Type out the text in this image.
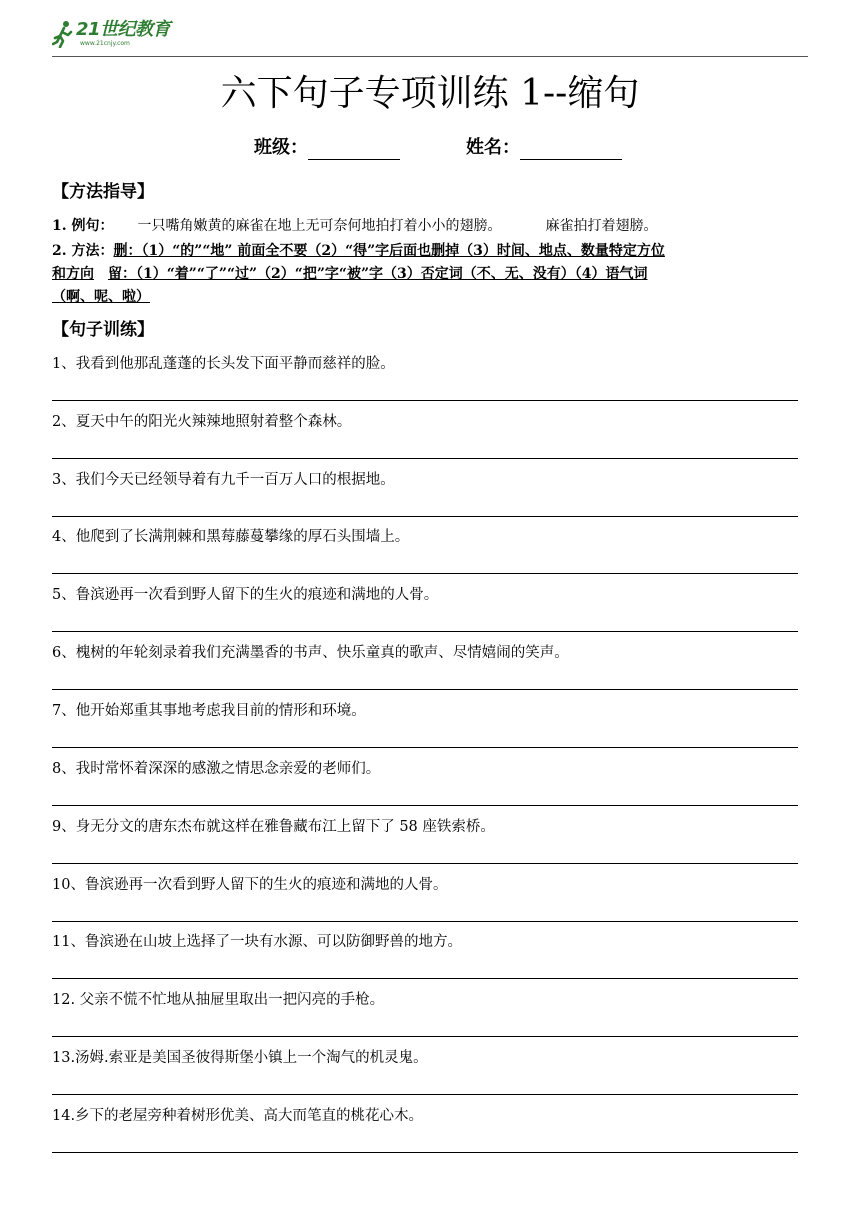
21世纪教育
www.21cnjy.com
六下句子专项训练 1--缩句
班级：	姓名：
【方法指导】
1. 例句： 一只嘴角嫩黄的麻雀在地上无可奈何地拍打着小小的翅膀。	麻雀拍打着翅膀。
2. 方法：删：（1）“的”“地” 前面全不要（2）“得”字后面也删掉（3）时间、地点、数量特定方位
和方向 留：（1）“着”“了”“过”（2）“把”字“被”字（3）否定词（不、无、没有）（4）语气词
（啊、呢、啦）
【句子训练】
1、我看到他那乱蓬蓬的长头发下面平静而慈祥的脸。
2、夏天中午的阳光火辣辣地照射着整个森林。
3、我们今天已经领导着有九千一百万人口的根据地。
4、他爬到了长满荆棘和黑莓藤蔓攀缘的厚石头围墙上。
5、鲁滨逊再一次看到野人留下的生火的痕迹和满地的人骨。
6、槐树的年轮刻录着我们充满墨香的书声、快乐童真的歌声、尽情嬉闹的笑声。
7、他开始郑重其事地考虑我目前的情形和环境。
8、我时常怀着深深的感激之情思念亲爱的老师们。
9、身无分文的唐东杰布就这样在雅鲁藏布江上留下了 58 座铁索桥。
10、鲁滨逊再一次看到野人留下的生火的痕迹和满地的人骨。
11、鲁滨逊在山坡上选择了一块有水源、可以防御野兽的地方。
12. 父亲不慌不忙地从抽屉里取出一把闪亮的手枪。
13.汤姆.索亚是美国圣彼得斯堡小镇上一个淘气的机灵鬼。
14.乡下的老屋旁种着树形优美、高大而笔直的桃花心木。
